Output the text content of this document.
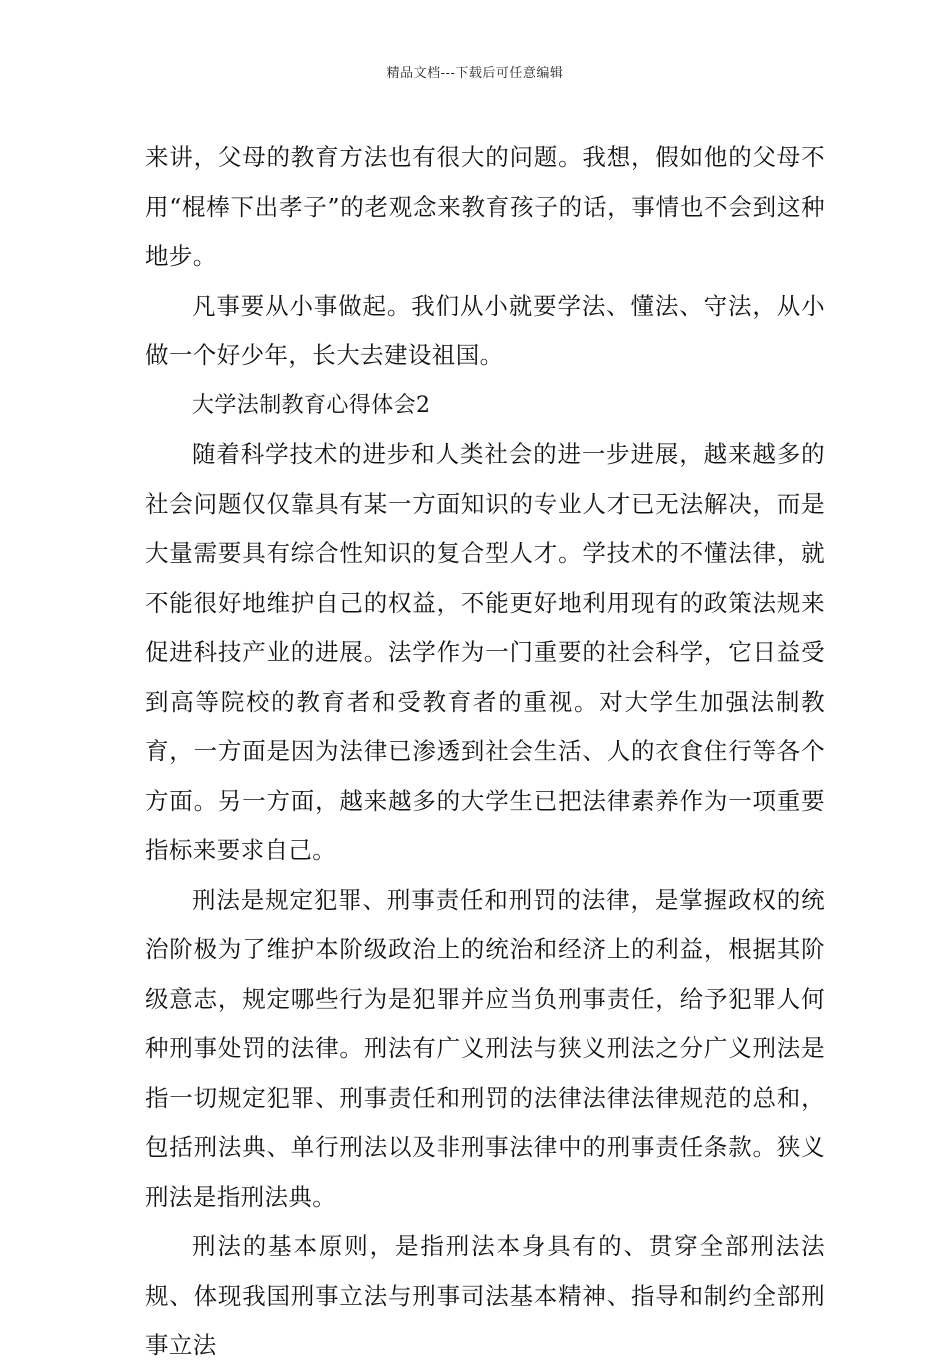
精品文档---下载后可任意编辑

来讲，父母的教育方法也有很大的问题。我想，假如他的父母不用“棍棒下出孝子”的老观念来教育孩子的话，事情也不会到这种地步。

凡事要从小事做起。我们从小就要学法、懂法、守法，从小做一个好少年，长大去建设祖国。

大学法制教育心得体会2

随着科学技术的进步和人类社会的进一步进展，越来越多的社会问题仅仅靠具有某一方面知识的专业人才已无法解决，而是大量需要具有综合性知识的复合型人才。学技术的不懂法律，就不能很好地维护自己的权益，不能更好地利用现有的政策法规来促进科技产业的进展。法学作为一门重要的社会科学，它日益受到高等院校的教育者和受教育者的重视。对大学生加强法制教育，一方面是因为法律已渗透到社会生活、人的衣食住行等各个方面。另一方面，越来越多的大学生已把法律素养作为一项重要指标来要求自己。

刑法是规定犯罪、刑事责任和刑罚的法律，是掌握政权的统治阶极为了维护本阶级政治上的统治和经济上的利益，根据其阶级意志，规定哪些行为是犯罪并应当负刑事责任，给予犯罪人何种刑事处罚的法律。刑法有广义刑法与狭义刑法之分广义刑法是指一切规定犯罪、刑事责任和刑罚的法律法律法律规范的总和，包括刑法典、单行刑法以及非刑事法律中的刑事责任条款。狭义刑法是指刑法典。

刑法的基本原则，是指刑法本身具有的、贯穿全部刑法法规、体现我国刑事立法与刑事司法基本精神、指导和制约全部刑事立法
